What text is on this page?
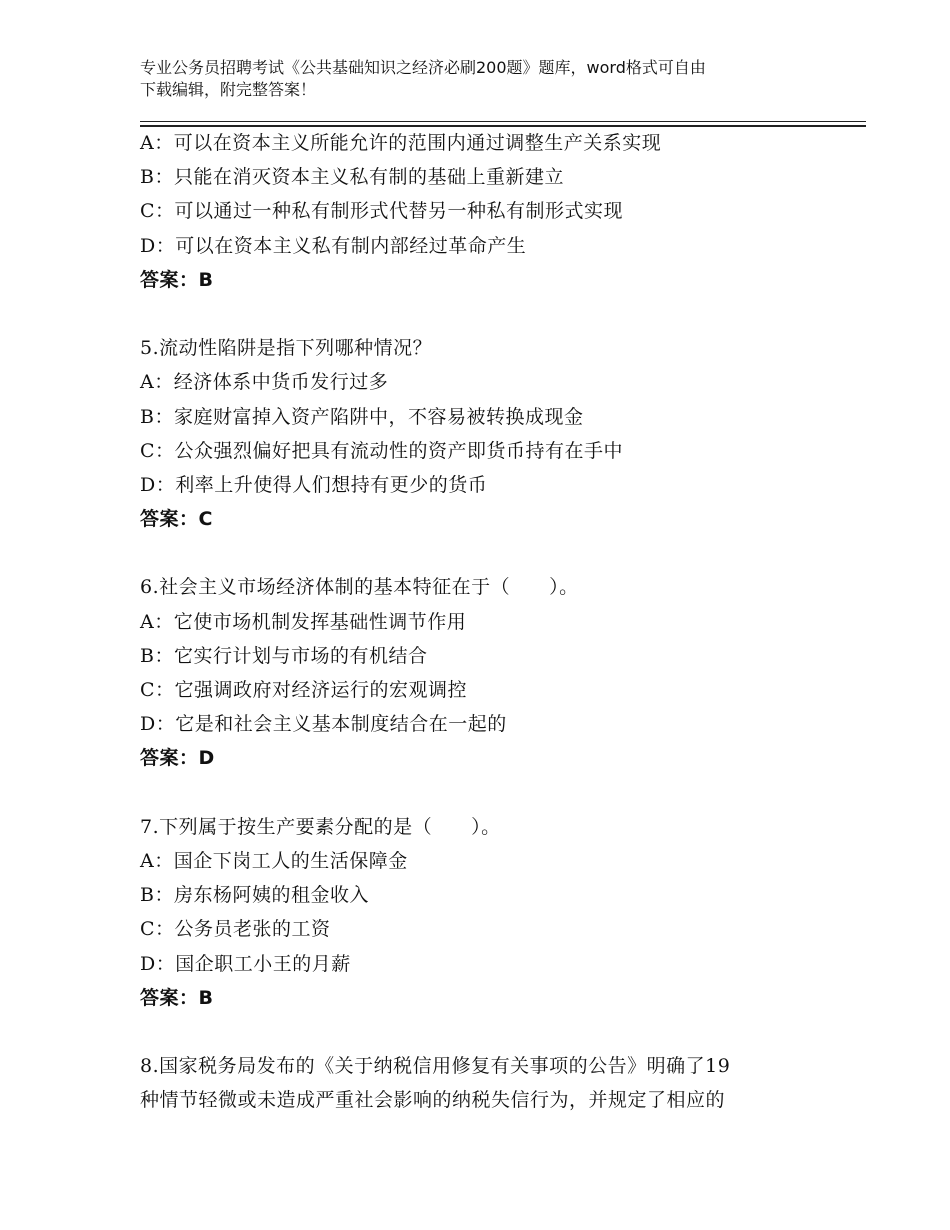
专业公务员招聘考试《公共基础知识之经济必刷200题》题库，word格式可自由
下载编辑，附完整答案！
A：可以在资本主义所能允许的范围内通过调整生产关系实现
B：只能在消灭资本主义私有制的基础上重新建立
C：可以通过一种私有制形式代替另一种私有制形式实现
D：可以在资本主义私有制内部经过革命产生
答案：B
5.流动性陷阱是指下列哪种情况？
A：经济体系中货币发行过多
B：家庭财富掉入资产陷阱中，不容易被转换成现金
C：公众强烈偏好把具有流动性的资产即货币持有在手中
D：利率上升使得人们想持有更少的货币
答案：C
6.社会主义市场经济体制的基本特征在于（　　）。
A：它使市场机制发挥基础性调节作用
B：它实行计划与市场的有机结合
C：它强调政府对经济运行的宏观调控
D：它是和社会主义基本制度结合在一起的
答案：D
7.下列属于按生产要素分配的是（　　）。
A：国企下岗工人的生活保障金
B：房东杨阿姨的租金收入
C：公务员老张的工资
D：国企职工小王的月薪
答案：B
8.国家税务局发布的《关于纳税信用修复有关事项的公告》明确了19
种情节轻微或未造成严重社会影响的纳税失信行为，并规定了相应的
